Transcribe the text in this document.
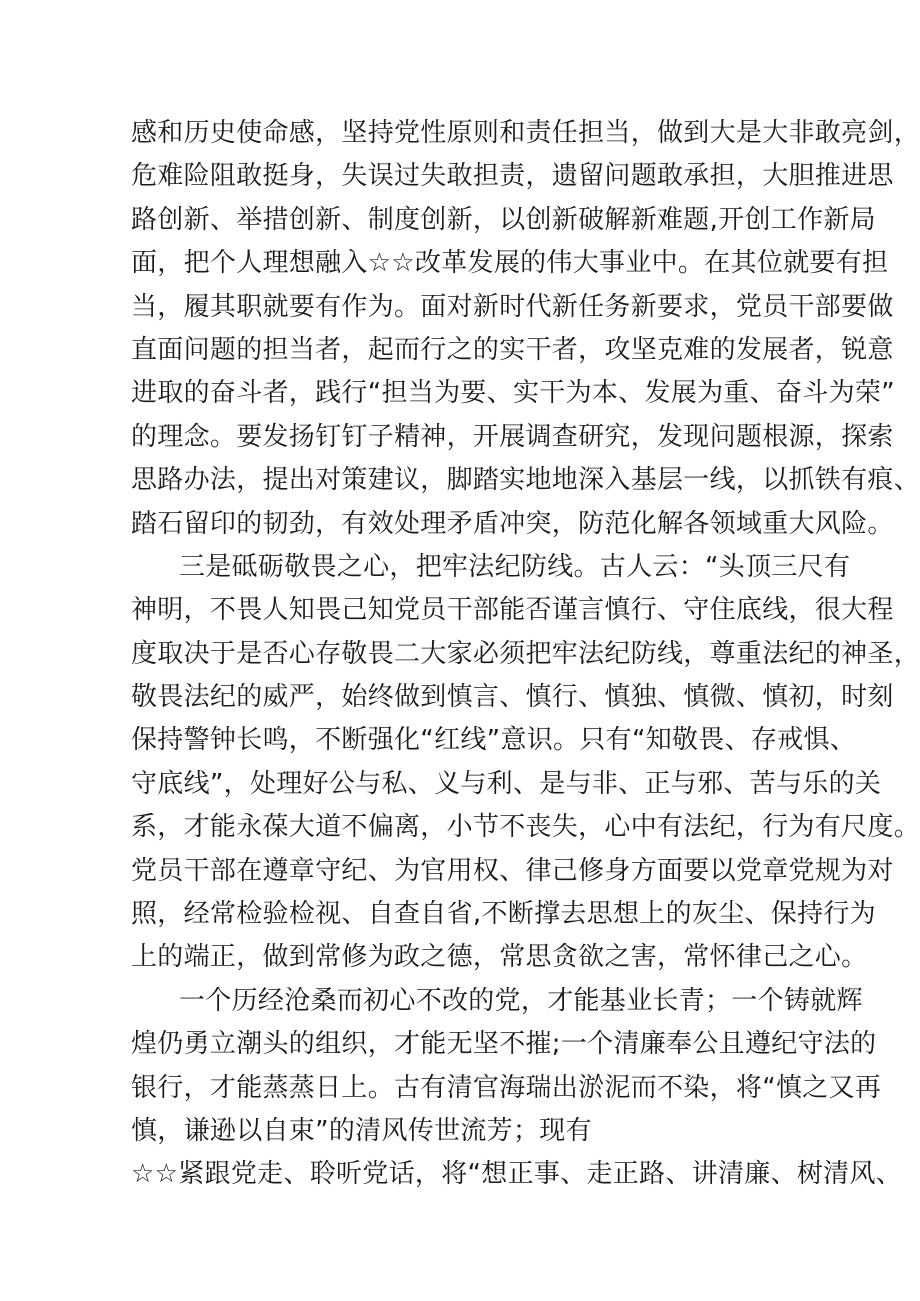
感和历史使命感，坚持党性原则和责任担当，做到大是大非敢亮剑，
危难险阻敢挺身，失误过失敢担责，遗留问题敢承担，大胆推进思
路创新、举措创新、制度创新，以创新破解新难题,开创工作新局
面，把个人理想融入☆☆改革发展的伟大事业中。在其位就要有担
当，履其职就要有作为。面对新时代新任务新要求，党员干部要做
直面问题的担当者，起而行之的实干者，攻坚克难的发展者，锐意
进取的奋斗者，践行“担当为要、实干为本、发展为重、奋斗为荣”
的理念。要发扬钉钉子精神，开展调查研究，发现问题根源，探索
思路办法，提出对策建议，脚踏实地地深入基层一线，以抓铁有痕、
踏石留印的韧劲，有效处理矛盾冲突，防范化解各领域重大风险。
三是砥砺敬畏之心，把牢法纪防线。古人云：“头顶三尺有
神明，不畏人知畏己知党员干部能否谨言慎行、守住底线，很大程
度取决于是否心存敬畏二大家必须把牢法纪防线，尊重法纪的神圣，
敬畏法纪的威严，始终做到慎言、慎行、慎独、慎微、慎初，时刻
保持警钟长鸣，不断强化“红线”意识。只有“知敬畏、存戒惧、
守底线”，处理好公与私、义与利、是与非、正与邪、苦与乐的关
系，才能永葆大道不偏离，小节不丧失，心中有法纪，行为有尺度。
党员干部在遵章守纪、为官用权、律己修身方面要以党章党规为对
照，经常检验检视、自查自省,不断撑去思想上的灰尘、保持行为
上的端正，做到常修为政之德，常思贪欲之害，常怀律己之心。
一个历经沧桑而初心不改的党，才能基业长青；一个铸就辉
煌仍勇立潮头的组织，才能无坚不摧;一个清廉奉公且遵纪守法的
银行，才能蒸蒸日上。古有清官海瑞出淤泥而不染，将“慎之又再
慎，谦逊以自束”的清风传世流芳；现有
☆☆紧跟党走、聆听党话，将“想正事、走正路、讲清廉、树清风、
